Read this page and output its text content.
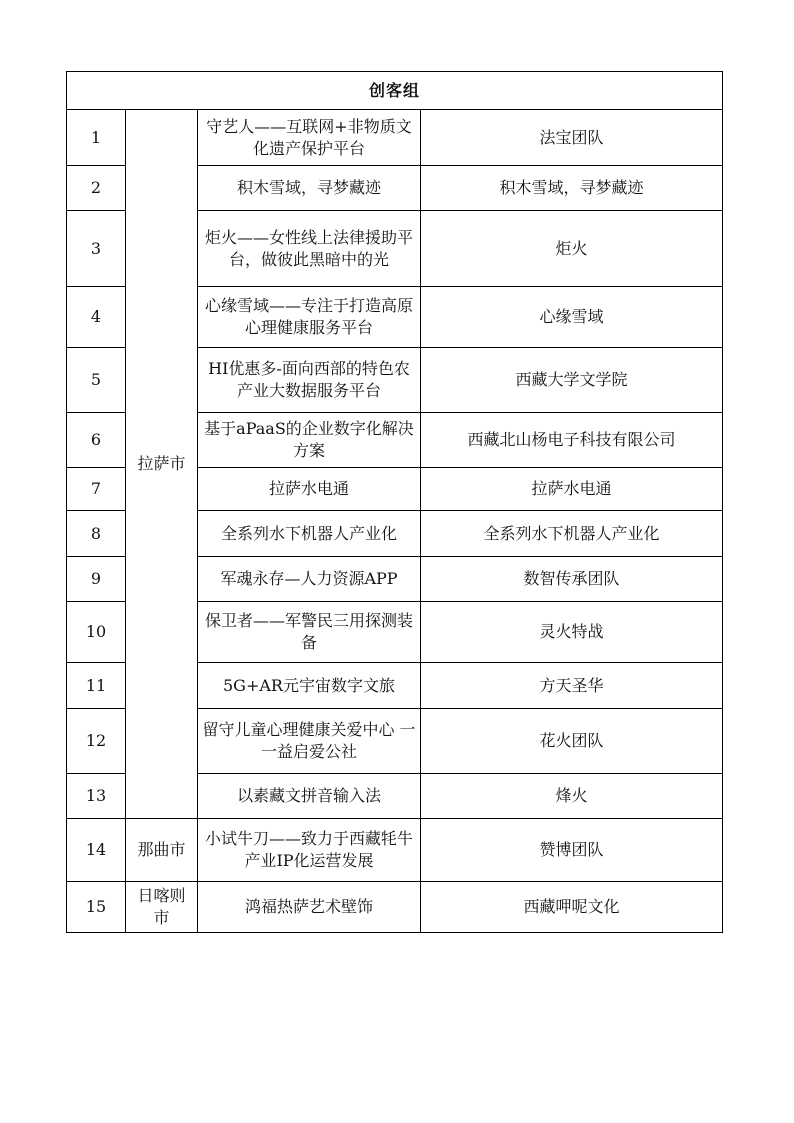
创客组			
1	拉萨市	守艺人——互联网+非物质文化遗产保护平台	法宝团队
2		积木雪域，寻梦藏迹	积木雪域，寻梦藏迹
3		炬火——女性线上法律援助平台，做彼此黑暗中的光	炬火
4		心缘雪域——专注于打造高原心理健康服务平台	心缘雪域
5		HI优惠多-面向西部的特色农产业大数据服务平台	西藏大学文学院
6		基于aPaaS的企业数字化解决方案	西藏北山杨电子科技有限公司
7		拉萨水电通	拉萨水电通
8		全系列水下机器人产业化	全系列水下机器人产业化
9		军魂永存—人力资源APP	数智传承团队
10		保卫者——军警民三用探测装备	灵火特战
11		5G+AR元宇宙数字文旅	方天圣华
12		留守儿童心理健康关爱中心 一一益启爱公社	花火团队
13		以素藏文拼音输入法	烽火
14	那曲市	小试牛刀——致力于西藏牦牛产业IP化运营发展	赞博团队
15	日喀则市	鸿福热萨艺术壁饰	西藏呷呢文化
